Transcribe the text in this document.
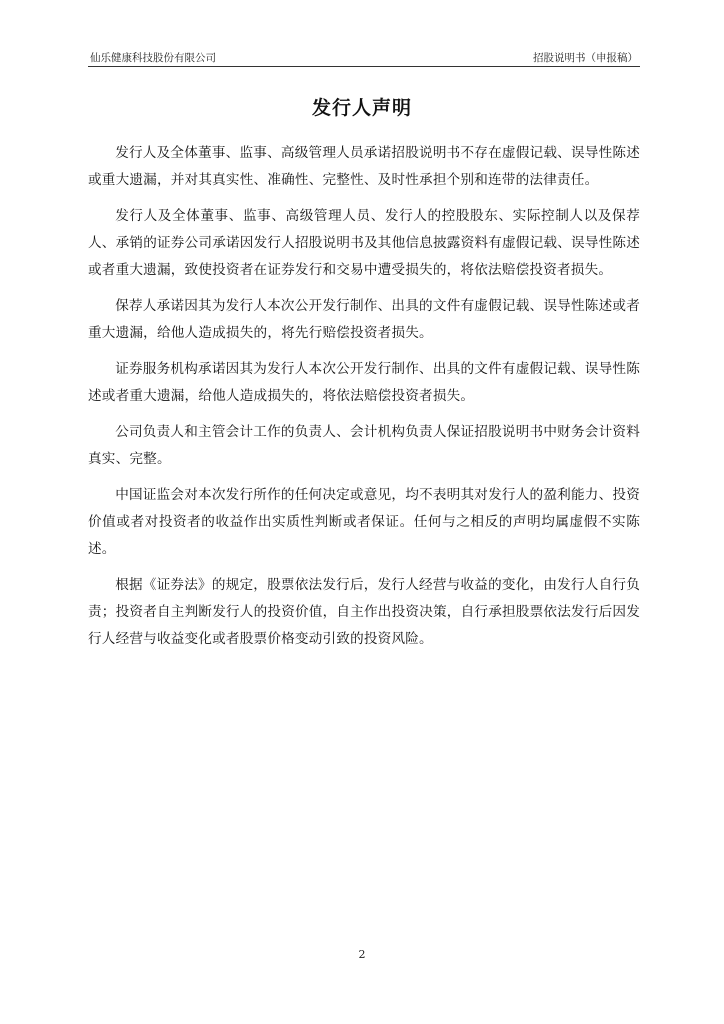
仙乐健康科技股份有限公司	招股说明书（申报稿）
发行人声明

发行人及全体董事、监事、高级管理人员承诺招股说明书不存在虚假记载、误导性陈述或重大遗漏，并对其真实性、准确性、完整性、及时性承担个别和连带的法律责任。

发行人及全体董事、监事、高级管理人员、发行人的控股股东、实际控制人以及保荐人、承销的证券公司承诺因发行人招股说明书及其他信息披露资料有虚假记载、误导性陈述或者重大遗漏，致使投资者在证券发行和交易中遭受损失的，将依法赔偿投资者损失。

保荐人承诺因其为发行人本次公开发行制作、出具的文件有虚假记载、误导性陈述或者重大遗漏，给他人造成损失的，将先行赔偿投资者损失。

证券服务机构承诺因其为发行人本次公开发行制作、出具的文件有虚假记载、误导性陈述或者重大遗漏，给他人造成损失的，将依法赔偿投资者损失。

公司负责人和主管会计工作的负责人、会计机构负责人保证招股说明书中财务会计资料真实、完整。

中国证监会对本次发行所作的任何决定或意见，均不表明其对发行人的盈利能力、投资价值或者对投资者的收益作出实质性判断或者保证。任何与之相反的声明均属虚假不实陈述。

根据《证券法》的规定，股票依法发行后，发行人经营与收益的变化，由发行人自行负责；投资者自主判断发行人的投资价值，自主作出投资决策，自行承担股票依法发行后因发行人经营与收益变化或者股票价格变动引致的投资风险。

2
